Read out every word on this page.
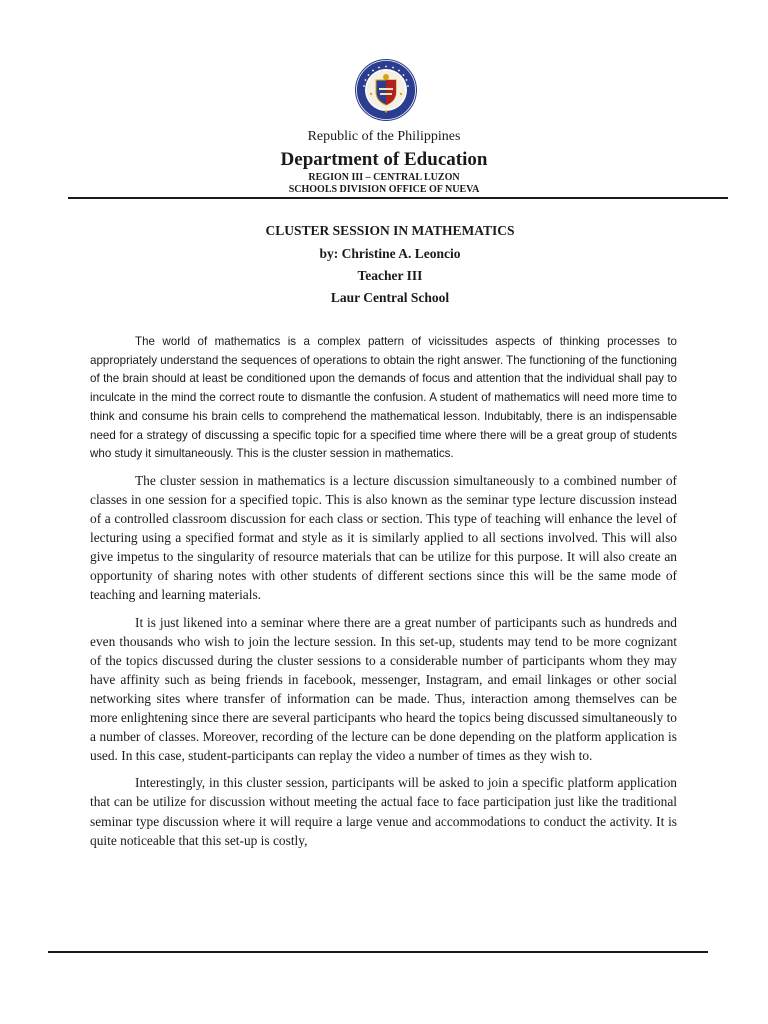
Republic of the Philippines
Department of Education
REGION III – CENTRAL LUZON
SCHOOLS DIVISION OFFICE OF NUEVA
CLUSTER SESSION IN MATHEMATICS
by: Christine A. Leoncio
Teacher III
Laur Central School

The world of mathematics is a complex pattern of vicissitudes aspects of thinking processes to appropriately understand the sequences of operations to obtain the right answer. The functioning of the functioning of the brain should at least be conditioned upon the demands of focus and attention that the individual shall pay to inculcate in the mind the correct route to dismantle the confusion. A student of mathematics will need more time to think and consume his brain cells to comprehend the mathematical lesson. Indubitably, there is an indispensable need for a strategy of discussing a specific topic for a specified time where there will be a great group of students who study it simultaneously. This is the cluster session in mathematics.

The cluster session in mathematics is a lecture discussion simultaneously to a combined number of classes in one session for a specified topic. This is also known as the seminar type lecture discussion instead of a controlled classroom discussion for each class or section. This type of teaching will enhance the level of lecturing using a specified format and style as it is similarly applied to all sections involved. This will also give impetus to the singularity of resource materials that can be utilize for this purpose. It will also create an opportunity of sharing notes with other students of different sections since this will be the same mode of teaching and learning materials.

It is just likened into a seminar where there are a great number of participants such as hundreds and even thousands who wish to join the lecture session. In this set-up, students may tend to be more cognizant of the topics discussed during the cluster sessions to a considerable number of participants whom they may have affinity such as being friends in facebook, messenger, Instagram, and email linkages or other social networking sites where transfer of information can be made. Thus, interaction among themselves can be more enlightening since there are several participants who heard the topics being discussed simultaneously to a number of classes. Moreover, recording of the lecture can be done depending on the platform application is used. In this case, student-participants can replay the video a number of times as they wish to.

Interestingly, in this cluster session, participants will be asked to join a specific platform application that can be utilize for discussion without meeting the actual face to face participation just like the traditional seminar type discussion where it will require a large venue and accommodations to conduct the activity. It is quite noticeable that this set-up is costly,
